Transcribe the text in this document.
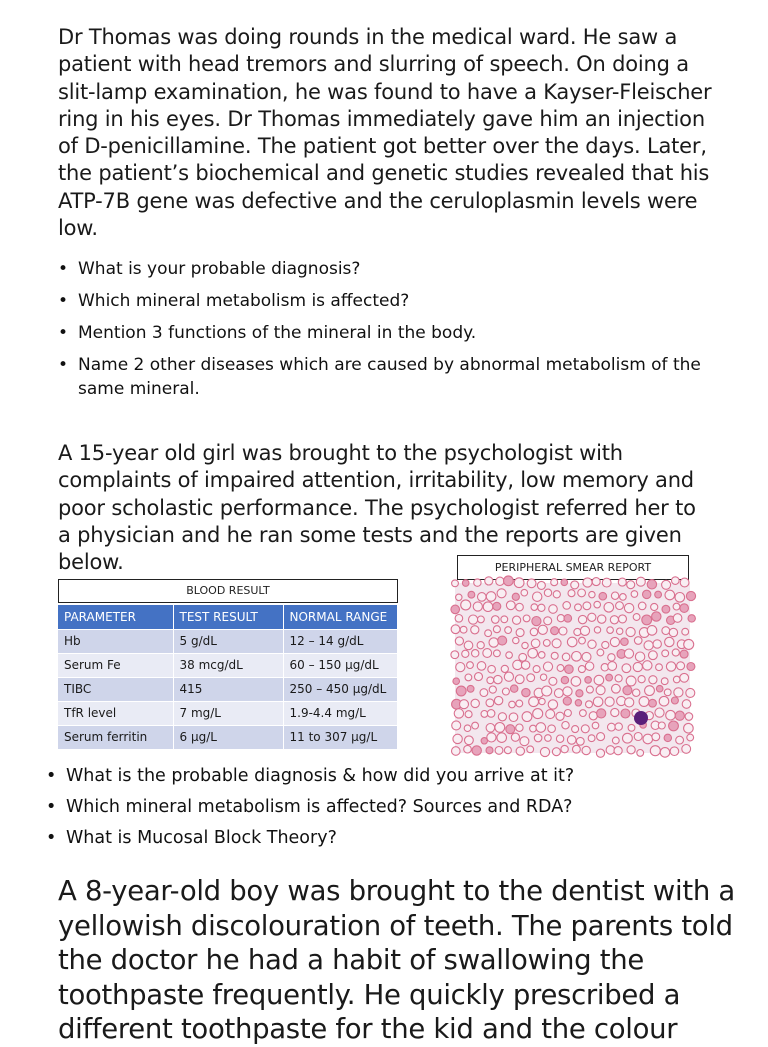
Dr Thomas was doing rounds in the medical ward. He saw a patient with head tremors and slurring of speech. On doing a slit-lamp examination, he was found to have a Kayser-Fleischer ring in his eyes. Dr Thomas immediately gave him an injection of D-penicillamine. The patient got better over the days. Later, the patient’s biochemical and genetic studies revealed that his ATP-7B gene was defective and the ceruloplasmin levels were low.

• What is your probable diagnosis?
• Which mineral metabolism is affected?
• Mention 3 functions of the mineral in the body.
• Name 2 other diseases which are caused by abnormal metabolism of the same mineral.

A 15-year old girl was brought to the psychologist with complaints of impaired attention, irritability, low memory and poor scholastic performance. The psychologist referred her to a physician and he ran some tests and the reports are given below.

BLOOD RESULT
PARAMETER	TEST RESULT	NORMAL RANGE
Hb	5 g/dL	12 – 14 g/dL
Serum Fe	38 mcg/dL	60 – 150 µg/dL
TIBC	415	250 – 450 µg/dL
TfR level	7 mg/L	1.9-4.4 mg/L
Serum ferritin	6 µg/L	11 to 307 µg/L
PERIPHERAL SMEAR REPORT
• What is the probable diagnosis & how did you arrive at it?
• Which mineral metabolism is affected? Sources and RDA?
• What is Mucosal Block Theory?

A 8-year-old boy was brought to the dentist with a yellowish discolouration of teeth. The parents told the doctor he had a habit of swallowing the toothpaste frequently. He quickly prescribed a different toothpaste for the kid and the colour
